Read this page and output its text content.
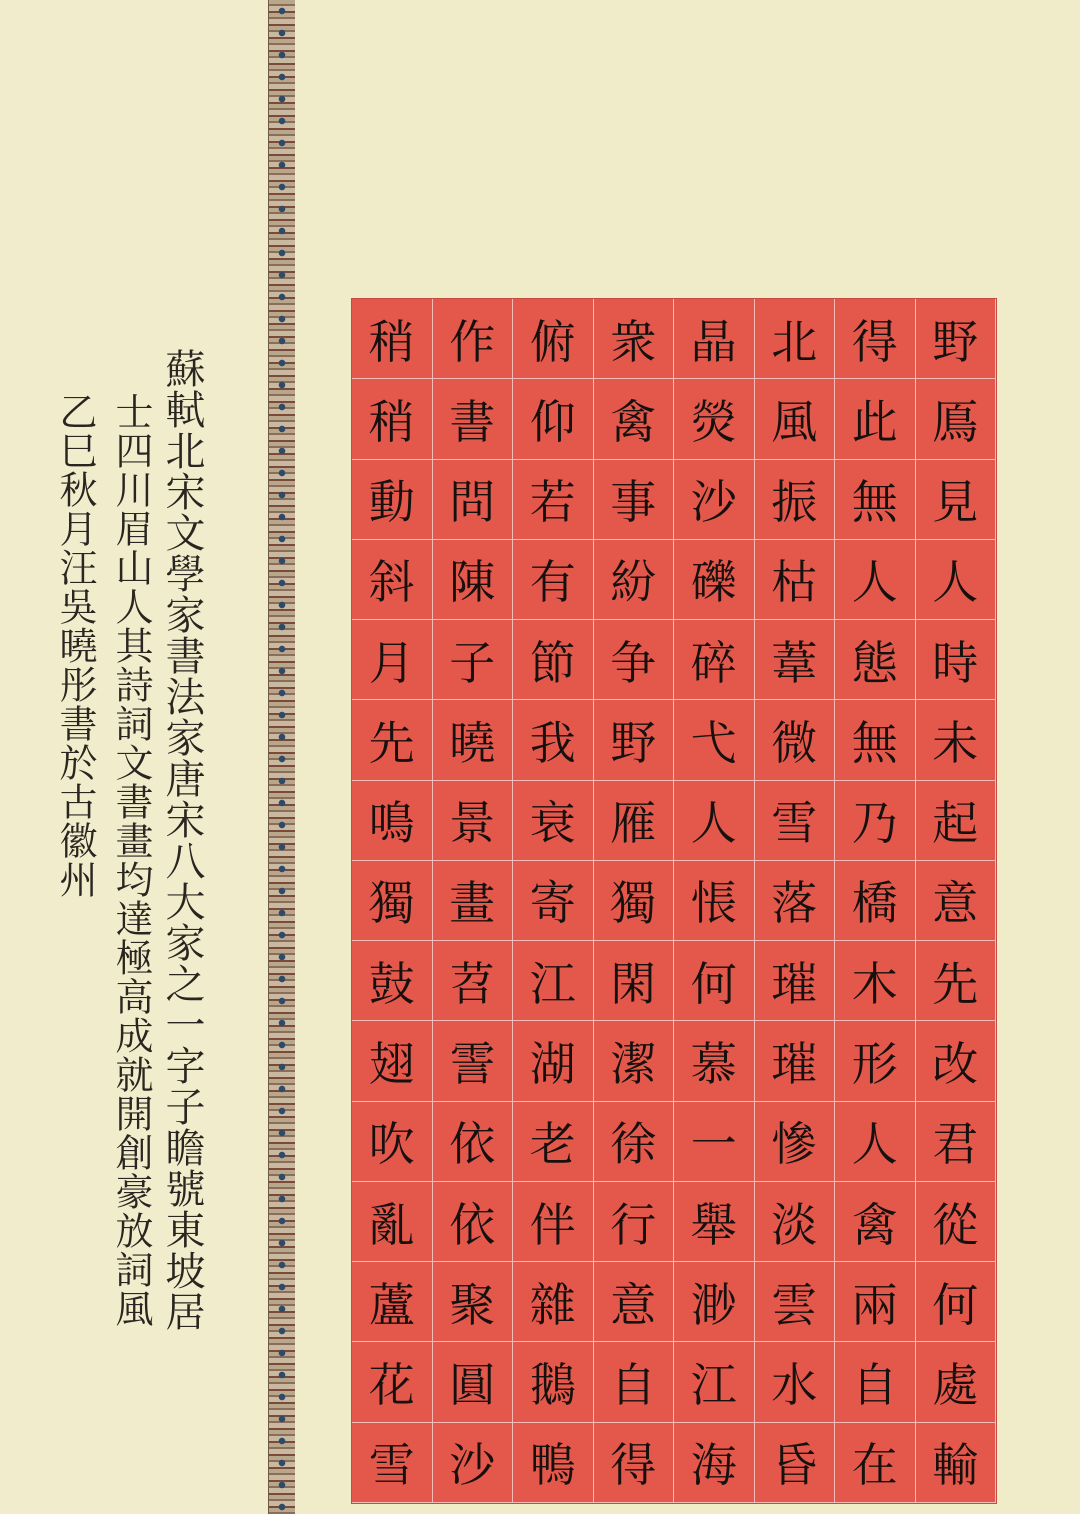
蘇軾北宋文學家書法家唐宋八大家之一字子瞻號東坡居
士四川眉山人其詩詞文書畫均達極高成就開創豪放詞風
乙巳秋月汪吳曉彤書於古徽州
野
鳫
見
人
時
未
起
意
先
改
君
從
何
處
輸
得
此
無
人
態
無
乃
橋
木
形
人
禽
兩
自
在
北
風
振
枯
葦
微
雪
落
璀
璀
慘
淡
雲
水
昏
晶
熒
沙
礫
碎
弋
人
悵
何
慕
一
舉
渺
江
海
衆
禽
事
紛
争
野
雁
獨
閑
潔
徐
行
意
自
得
俯
仰
若
有
節
我
衰
寄
江
湖
老
伴
雜
鵝
鴨
作
書
問
陳
子
曉
景
畫
苕
霅
依
依
聚
圓
沙
稍
稍
動
斜
月
先
鳴
獨
鼓
翅
吹
亂
蘆
花
雪
